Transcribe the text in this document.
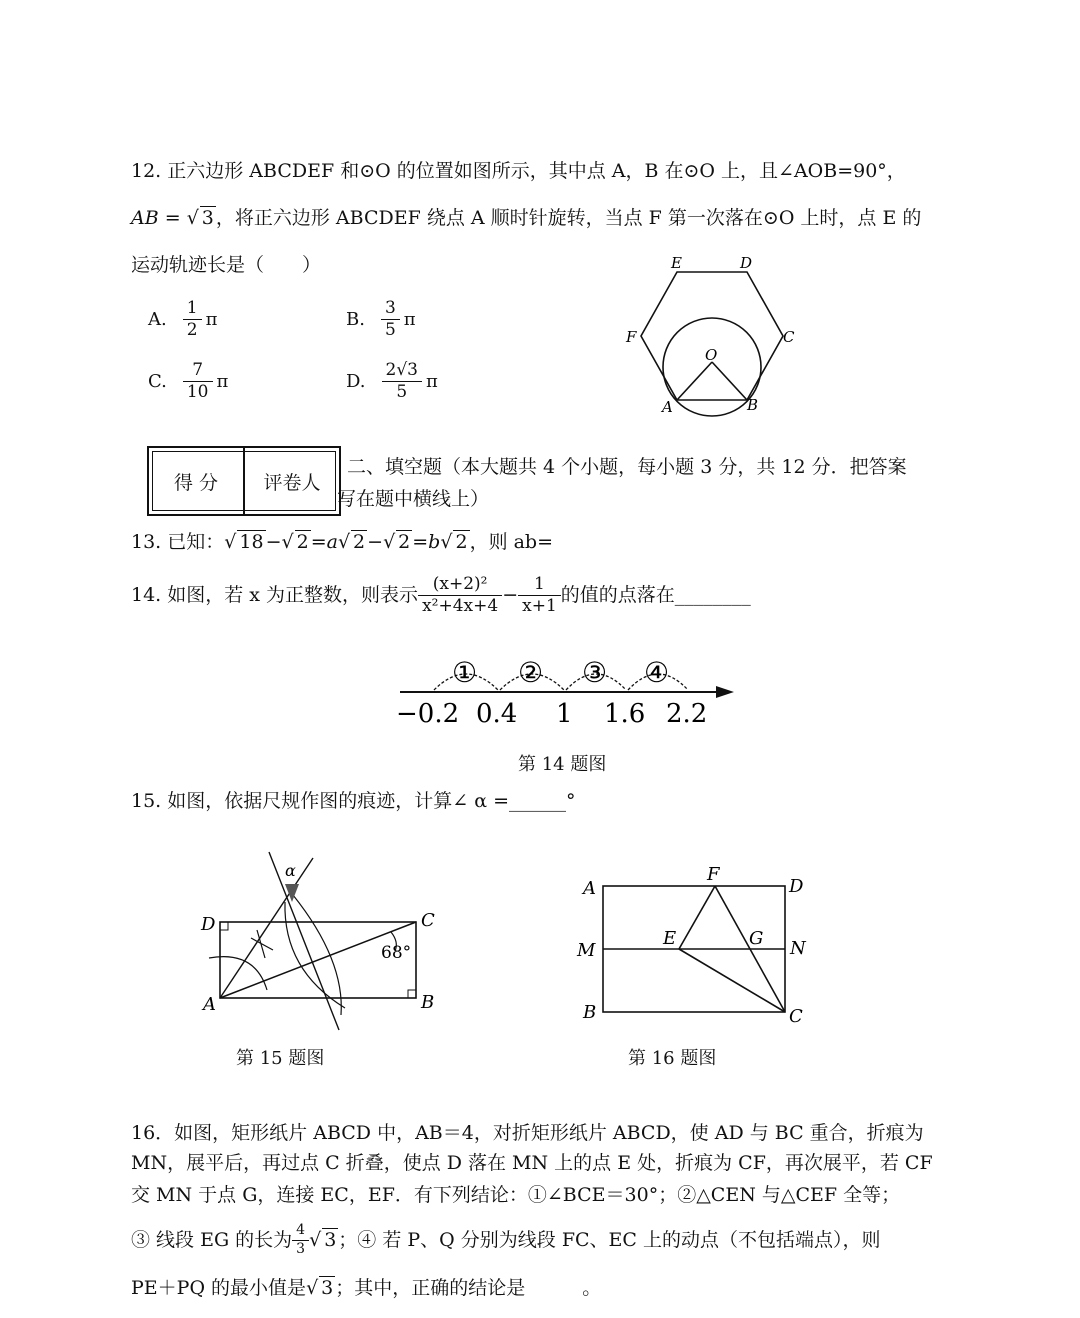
12. 正六边形 ABCDEF 和⊙O 的位置如图所示，其中点 A，B 在⊙O 上，且∠AOB=90°，
AB = √ 3 ，将正六边形 ABCDEF 绕点 A 顺时针旋转，当点 F 第一次落在⊙O 上时，点 E 的
运动轨迹长是（　　）
A. $\frac{1}{2}$ π	B. $\frac{3}{5}$ π
C. $\frac{7}{10}$ π	D. $\frac{2√3}{5}$ π
E	D
F	C
O
A	B
得 分	评卷人
二、填空题（本大题共 4 个小题，每小题 3 分，共 12 分．把答案
写在题中横线上）
13. 已知：√ 18 −√ 2 =a√ 2 −√ 2 =b√ 2 ，则 ab=
14. 如图，若 x 为正整数，则表示 $\frac{\text{(x+2)²}}{\text{x²+4x+4}} - \frac{1}{x+1}$ 的值的点落在________
① ② ③ ④
−0.2 0.4 1 1.6 2.2
第 14 题图
15. 如图，依据尺规作图的痕迹，计算∠ α =______°
α
D	C
A	B
68°
第 15 题图
A	D
F
E	G
M	N
B	C
第 16 题图
16．如图，矩形纸片 ABCD 中，AB＝4，对折矩形纸片 ABCD，使 AD 与 BC 重合，折痕为
MN，展平后，再过点 C 折叠，使点 D 落在 MN 上的点 E 处，折痕为 CF，再次展平，若 CF
交 MN 于点 G，连接 EC，EF．有下列结论：①∠BCE＝30°；②△CEN 与△CEF 全等；
③ 线段 EG 的长为 $\frac{4}{3}$ √ 3 ；④ 若 P、Q 分别为线段 FC、EC 上的动点（不包括端点），则
PE＋PQ 的最小值是√ 3 ；其中，正确的结论是　　　。
